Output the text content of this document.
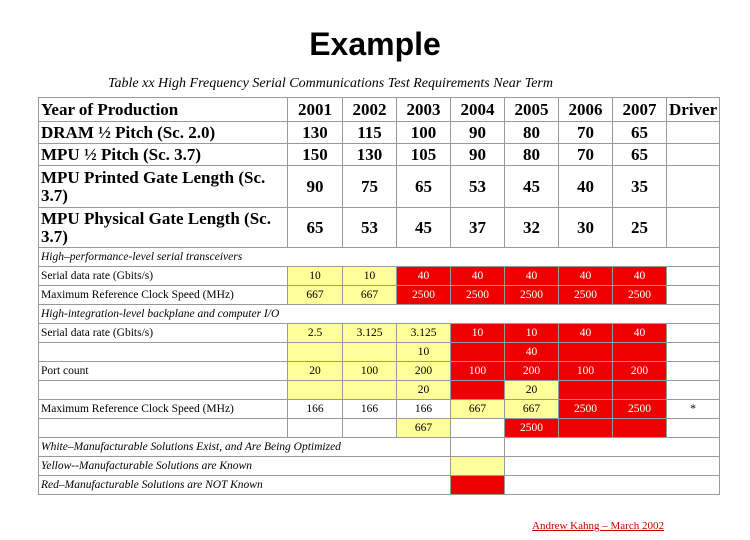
Example
Table xx High Frequency Serial Communications Test Requirements Near Term
Year of Production	2001	2002	2003	2004	2005	2006	2007	Driver
DRAM ½ Pitch (Sc. 2.0)	130	115	100	90	80	70	65	
MPU ½ Pitch (Sc. 3.7)	150	130	105	90	80	70	65	
MPU Printed Gate Length (Sc. 3.7)	90	75	65	53	45	40	35	
MPU Physical Gate Length (Sc. 3.7)	65	53	45	37	32	30	25	
High–performance-level serial transceivers								
Serial data rate (Gbits/s)	10	10	40	40	40	40	40	
Maximum Reference Clock Speed (MHz)	667	667	2500	2500	2500	2500	2500	
High-integration-level backplane and computer I/O								
Serial data rate (Gbits/s)	2.5	3.125	3.125	10	10	40	40	
			10		40			
Port count	20	100	200	100	200	100	200	
			20		20			
Maximum Reference Clock Speed (MHz)	166	166	166	667	667	2500	2500	*
			667		2500			
White–Manufacturable Solutions Exist, and Are Being Optimized								
Yellow--Manufacturable Solutions are Known								
Red–Manufacturable Solutions are NOT Known								
Andrew Kahng – March 2002
